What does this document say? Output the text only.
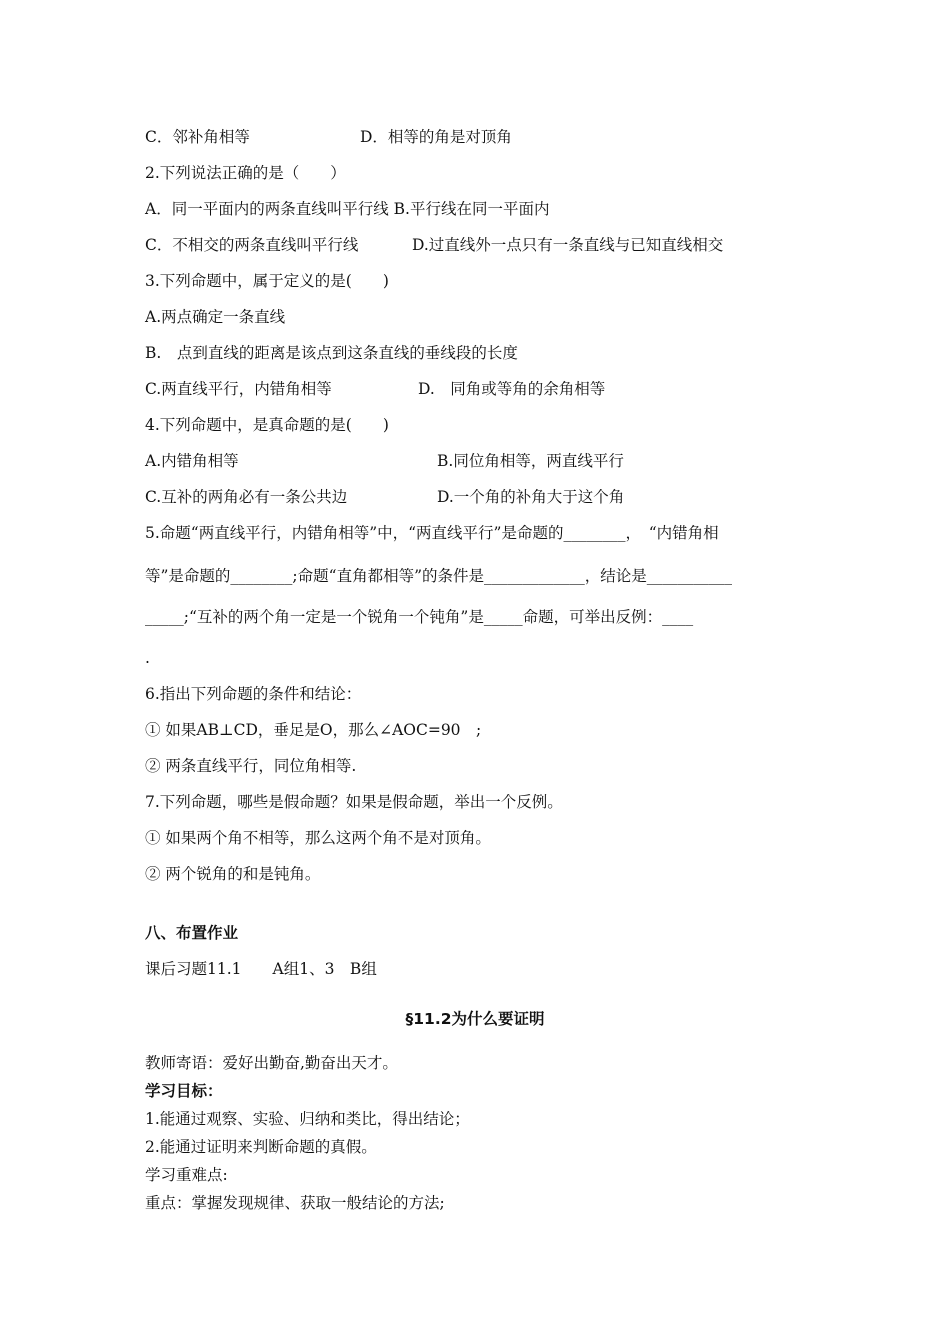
C．邻补角相等	D．相等的角是对顶角
2.下列说法正确的是（　　）
A．同一平面内的两条直线叫平行线 B.平行线在同一平面内
C．不相交的两条直线叫平行线	D.过直线外一点只有一条直线与已知直线相交
3.下列命题中，属于定义的是(　　)
A.两点确定一条直线
B.　点到直线的距离是该点到这条直线的垂线段的长度
C.两直线平行，内错角相等	D.　同角或等角的余角相等
4.下列命题中，是真命题的是(　　)
A.内错角相等	B.同位角相等，两直线平行
C.互补的两角必有一条公共边	D.一个角的补角大于这个角
5.命题“两直线平行，内错角相等”中，“两直线平行”是命题的________，　“内错角相
等”是命题的________;命题“直角都相等”的条件是_____________，结论是___________
_____;“互补的两个角一定是一个锐角一个钝角”是_____命题，可举出反例：____
.
6.指出下列命题的条件和结论：
① 如果AB⊥CD，垂足是O，那么∠AOC=90　;
② 两条直线平行，同位角相等.
7.下列命题，哪些是假命题？如果是假命题，举出一个反例。
① 如果两个角不相等，那么这两个角不是对顶角。
② 两个锐角的和是钝角。
八、布置作业
课后习题11.1　　A组1、3　B组
§11.2为什么要证明
教师寄语：爱好出勤奋,勤奋出天才。
学习目标：
1.能通过观察、实验、归纳和类比，得出结论；
2.能通过证明来判断命题的真假。
学习重难点:
重点：掌握发现规律、获取一般结论的方法;
